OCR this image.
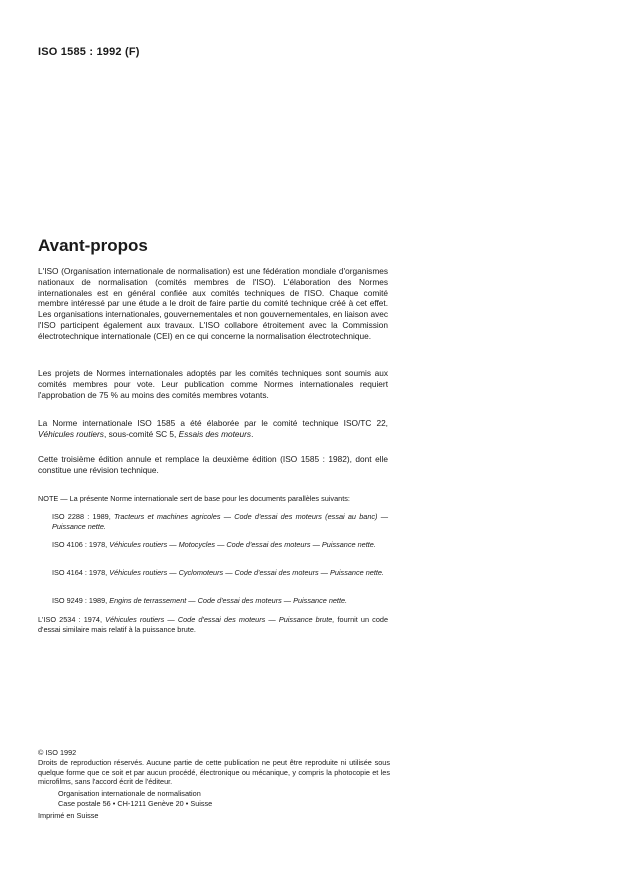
ISO 1585 : 1992 (F)
Avant-propos
L'ISO (Organisation internationale de normalisation) est une fédération mondiale d'organismes nationaux de normalisation (comités membres de l'ISO). L'élaboration des Normes internationales est en général confiée aux comités techniques de l'ISO. Chaque comité membre intéressé par une étude a le droit de faire partie du comité technique créé à cet effet. Les organisations internationales, gouvernementales et non gouvernementales, en liaison avec l'ISO participent également aux travaux. L'ISO collabore étroitement avec la Commission électrotechnique internationale (CEI) en ce qui concerne la normalisation électrotechnique.
Les projets de Normes internationales adoptés par les comités techniques sont soumis aux comités membres pour vote. Leur publication comme Normes internationales requiert l'approbation de 75 % au moins des comités membres votants.
La Norme internationale ISO 1585 a été élaborée par le comité technique ISO/TC 22, Véhicules routiers, sous-comité SC 5, Essais des moteurs.
Cette troisième édition annule et remplace la deuxième édition (ISO 1585 : 1982), dont elle constitue une révision technique.
NOTE — La présente Norme internationale sert de base pour les documents parallèles suivants:
ISO 2288 : 1989, Tracteurs et machines agricoles — Code d'essai des moteurs (essai au banc) — Puissance nette.
ISO 4106 : 1978, Véhicules routiers — Motocycles — Code d'essai des moteurs — Puissance nette.
ISO 4164 : 1978, Véhicules routiers — Cyclomoteurs — Code d'essai des moteurs — Puissance nette.
ISO 9249 : 1989, Engins de terrassement — Code d'essai des moteurs — Puissance nette.
L'ISO 2534 : 1974, Véhicules routiers — Code d'essai des moteurs — Puissance brute, fournit un code d'essai similaire mais relatif à la puissance brute.
© ISO 1992
Droits de reproduction réservés. Aucune partie de cette publication ne peut être reproduite ni utilisée sous quelque forme que ce soit et par aucun procédé, électronique ou mécanique, y compris la photocopie et les microfilms, sans l'accord écrit de l'éditeur.
Organisation internationale de normalisation
Case postale 56 • CH-1211 Genève 20 • Suisse
Imprimé en Suisse
